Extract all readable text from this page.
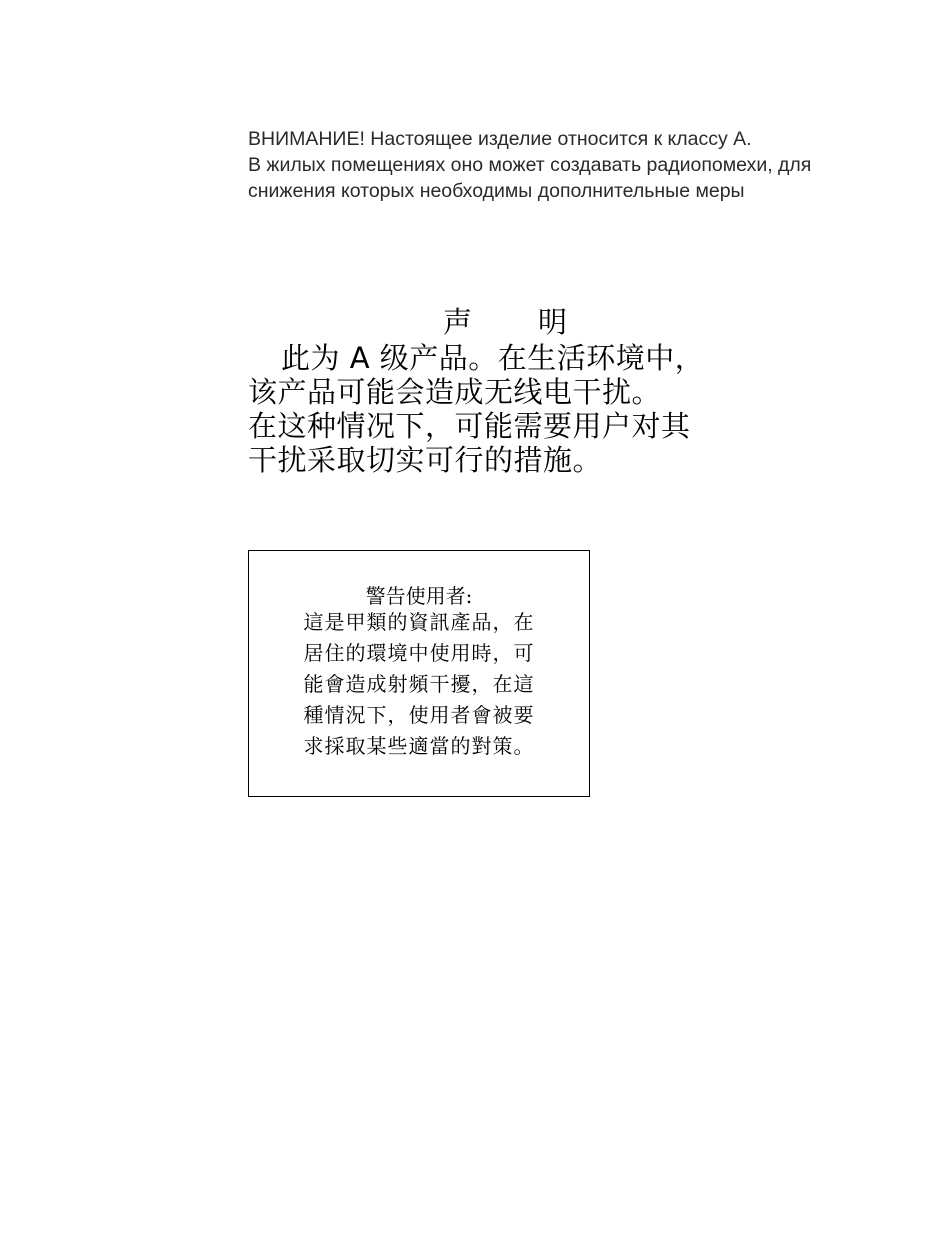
ВНИМАНИЕ! Настоящее изделие относится к классу А.
В жилых помещениях оно может создавать радиопомехи, для
снижения которых необходимы дополнительные меры
声 明
此为 A 级产品。在生活环境中，
该产品可能会造成无线电干扰。
在这种情况下，可能需要用户对其
干扰采取切实可行的措施。
警告使用者:
這是甲類的資訊產品，在
居住的環境中使用時，可
能會造成射頻干擾，在這
種情況下，使用者會被要
求採取某些適當的對策。
